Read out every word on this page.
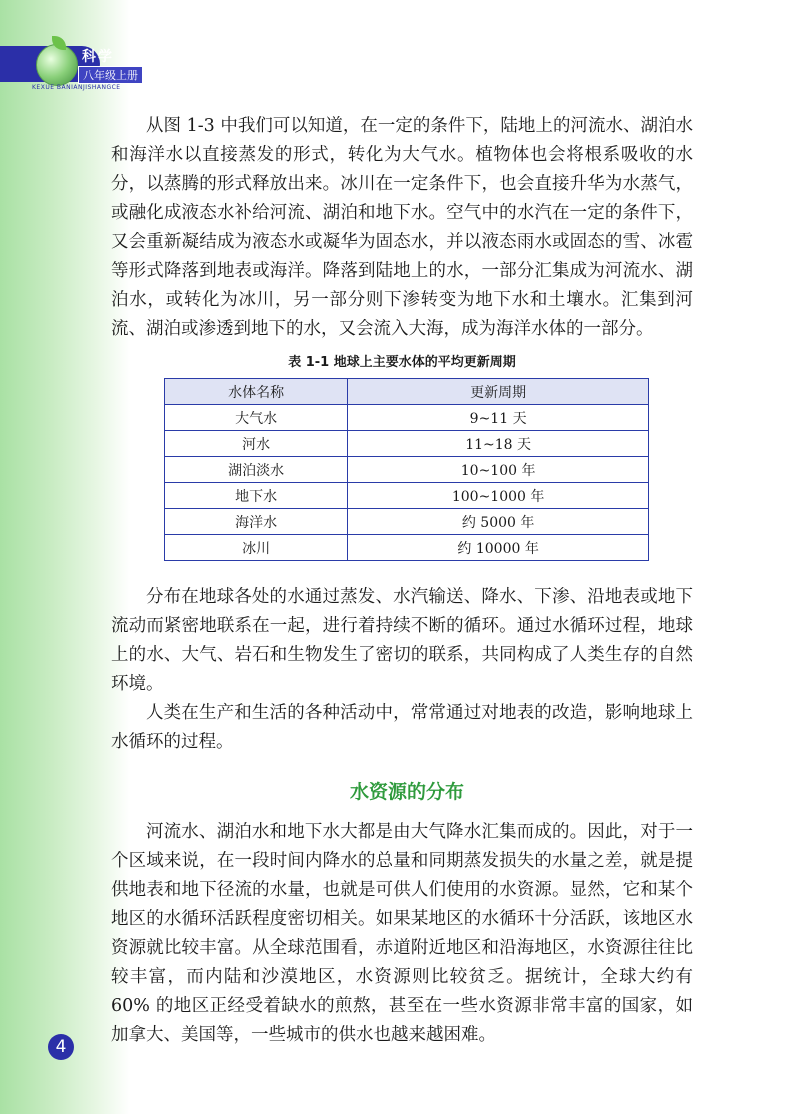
科学
八年级上册
KEXUE BANIANJISHANGCE

从图 1-3 中我们可以知道，在一定的条件下，陆地上的河流水、湖泊水和海洋水以直接蒸发的形式，转化为大气水。植物体也会将根系吸收的水分，以蒸腾的形式释放出来。冰川在一定条件下，也会直接升华为水蒸气，或融化成液态水补给河流、湖泊和地下水。空气中的水汽在一定的条件下，又会重新凝结成为液态水或凝华为固态水，并以液态雨水或固态的雪、冰雹等形式降落到地表或海洋。降落到陆地上的水，一部分汇集成为河流水、湖泊水，或转化为冰川，另一部分则下渗转变为地下水和土壤水。汇集到河流、湖泊或渗透到地下的水，又会流入大海，成为海洋水体的一部分。

表 1-1 地球上主要水体的平均更新周期
水体名称	更新周期
大气水	9~11 天
河水	11~18 天
湖泊淡水	10~100 年
地下水	100~1000 年
海洋水	约 5000 年
冰川	约 10000 年

分布在地球各处的水通过蒸发、水汽输送、降水、下渗、沿地表或地下流动而紧密地联系在一起，进行着持续不断的循环。通过水循环过程，地球上的水、大气、岩石和生物发生了密切的联系，共同构成了人类生存的自然环境。

人类在生产和生活的各种活动中，常常通过对地表的改造，影响地球上水循环的过程。

水资源的分布

河流水、湖泊水和地下水大都是由大气降水汇集而成的。因此，对于一个区域来说，在一段时间内降水的总量和同期蒸发损失的水量之差，就是提供地表和地下径流的水量，也就是可供人们使用的水资源。显然，它和某个地区的水循环活跃程度密切相关。如果某地区的水循环十分活跃，该地区水资源就比较丰富。从全球范围看，赤道附近地区和沿海地区，水资源往往比较丰富，而内陆和沙漠地区，水资源则比较贫乏。据统计，全球大约有 60% 的地区正经受着缺水的煎熬，甚至在一些水资源非常丰富的国家，如加拿大、美国等，一些城市的供水也越来越困难。

4
